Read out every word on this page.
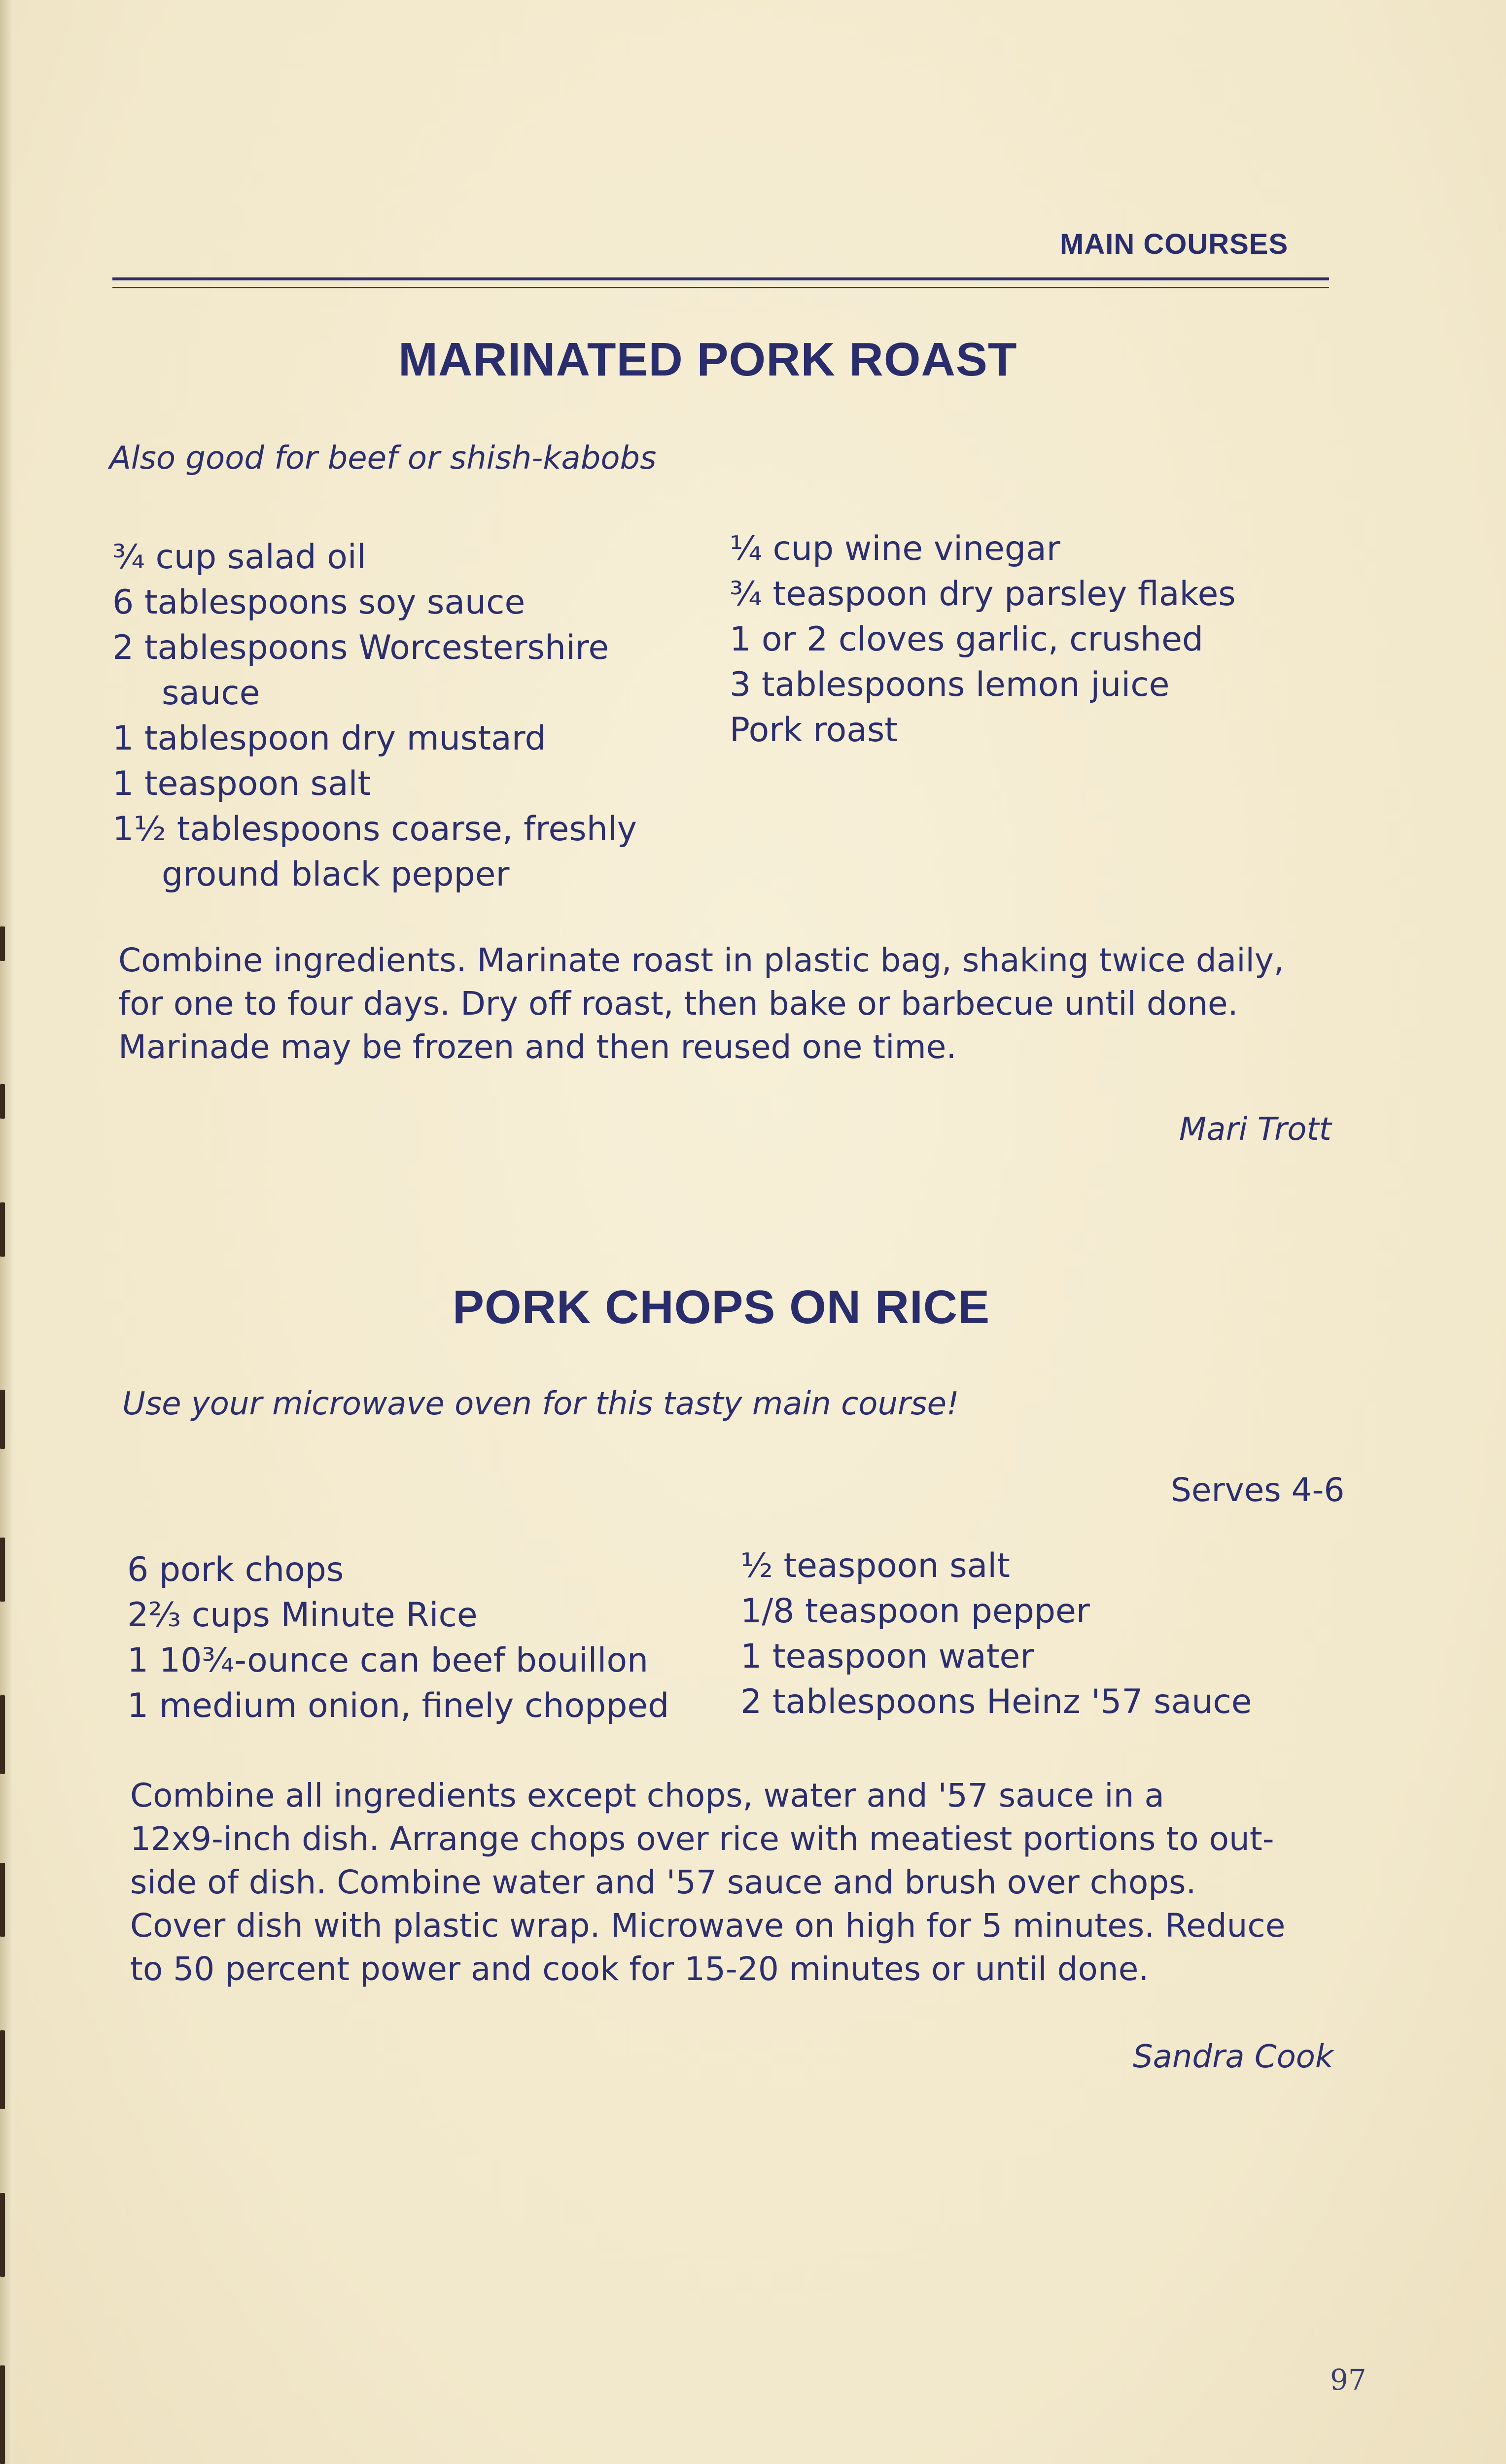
MAIN COURSES
MARINATED PORK ROAST
Also good for beef or shish-kabobs
¾ cup salad oil
6 tablespoons soy sauce
2 tablespoons Worcestershire
sauce
1 tablespoon dry mustard
1 teaspoon salt
1½ tablespoons coarse, freshly
ground black pepper
¼ cup wine vinegar
¾ teaspoon dry parsley flakes
1 or 2 cloves garlic, crushed
3 tablespoons lemon juice
Pork roast
Combine ingredients. Marinate roast in plastic bag, shaking twice daily,
for one to four days. Dry off roast, then bake or barbecue until done.
Marinade may be frozen and then reused one time.
Mari Trott
PORK CHOPS ON RICE
Use your microwave oven for this tasty main course!
Serves 4-6
6 pork chops
2⅔ cups Minute Rice
1 10¾-ounce can beef bouillon
1 medium onion, finely chopped
½ teaspoon salt
1/8 teaspoon pepper
1 teaspoon water
2 tablespoons Heinz '57 sauce
Combine all ingredients except chops, water and '57 sauce in a
12x9-inch dish. Arrange chops over rice with meatiest portions to out-
side of dish. Combine water and '57 sauce and brush over chops.
Cover dish with plastic wrap. Microwave on high for 5 minutes. Reduce
to 50 percent power and cook for 15-20 minutes or until done.
Sandra Cook
97
